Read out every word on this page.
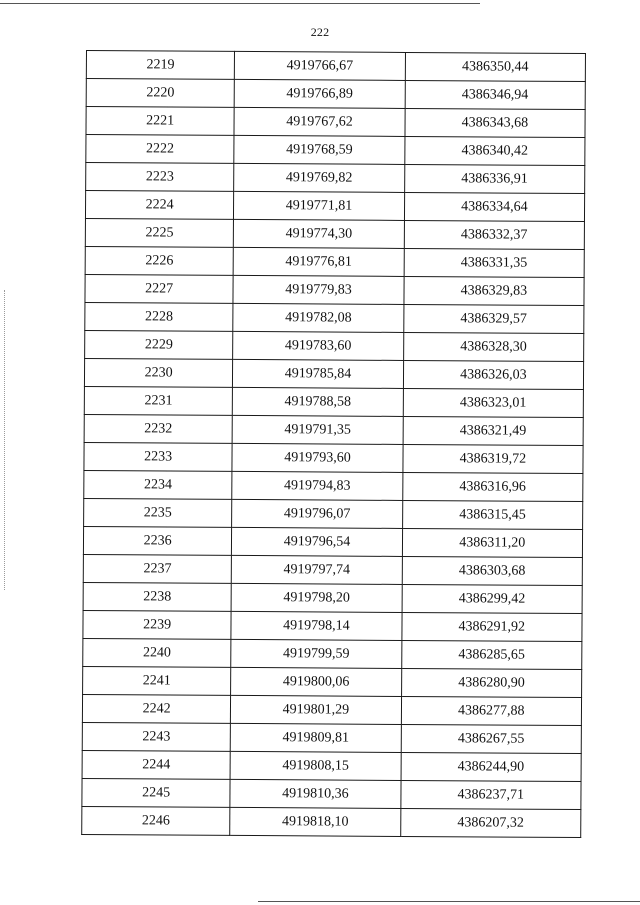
222
2219	4919766,67	4386350,44
2220	4919766,89	4386346,94
2221	4919767,62	4386343,68
2222	4919768,59	4386340,42
2223	4919769,82	4386336,91
2224	4919771,81	4386334,64
2225	4919774,30	4386332,37
2226	4919776,81	4386331,35
2227	4919779,83	4386329,83
2228	4919782,08	4386329,57
2229	4919783,60	4386328,30
2230	4919785,84	4386326,03
2231	4919788,58	4386323,01
2232	4919791,35	4386321,49
2233	4919793,60	4386319,72
2234	4919794,83	4386316,96
2235	4919796,07	4386315,45
2236	4919796,54	4386311,20
2237	4919797,74	4386303,68
2238	4919798,20	4386299,42
2239	4919798,14	4386291,92
2240	4919799,59	4386285,65
2241	4919800,06	4386280,90
2242	4919801,29	4386277,88
2243	4919809,81	4386267,55
2244	4919808,15	4386244,90
2245	4919810,36	4386237,71
2246	4919818,10	4386207,32
